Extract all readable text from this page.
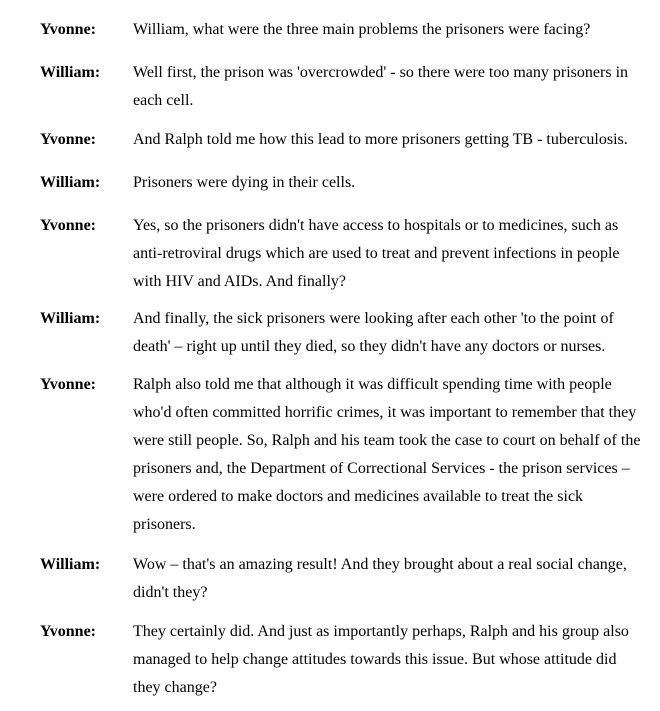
Yvonne: William, what were the three main problems the prisoners were facing?
William: Well first, the prison was 'overcrowded' - so there were too many prisoners in
each cell.
Yvonne: And Ralph told me how this lead to more prisoners getting TB - tuberculosis.
William: Prisoners were dying in their cells.
Yvonne: Yes, so the prisoners didn't have access to hospitals or to medicines, such as
anti-retroviral drugs which are used to treat and prevent infections in people
with HIV and AIDs. And finally?
William: And finally, the sick prisoners were looking after each other 'to the point of
death' – right up until they died, so they didn't have any doctors or nurses.
Yvonne: Ralph also told me that although it was difficult spending time with people
who'd often committed horrific crimes, it was important to remember that they
were still people. So, Ralph and his team took the case to court on behalf of the
prisoners and, the Department of Correctional Services - the prison services –
were ordered to make doctors and medicines available to treat the sick
prisoners.
William: Wow – that's an amazing result! And they brought about a real social change,
didn't they?
Yvonne: They certainly did. And just as importantly perhaps, Ralph and his group also
managed to help change attitudes towards this issue. But whose attitude did
they change?
